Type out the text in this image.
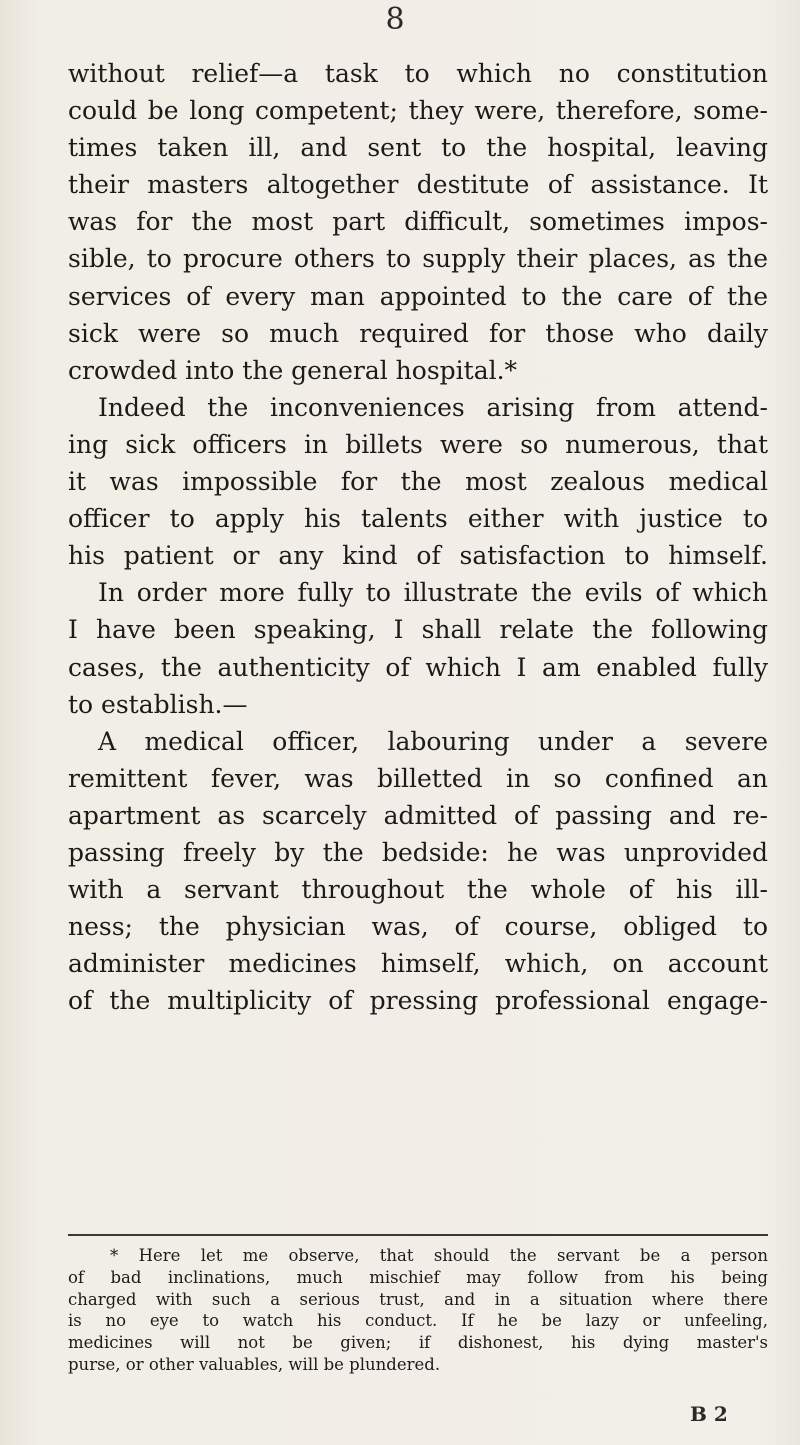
8
without relief—a task to which no constitution
could be long competent; they were, therefore, some-
times taken ill, and sent to the hospital, leaving
their masters altogether destitute of assistance. It
was for the most part difficult, sometimes impos-
sible, to procure others to supply their places, as the
services of every man appointed to the care of the
sick were so much required for those who daily
crowded into the general hospital.*
Indeed the inconveniences arising from attend-
ing sick officers in billets were so numerous, that
it was impossible for the most zealous medical
officer to apply his talents either with justice to
his patient or any kind of satisfaction to himself.
In order more fully to illustrate the evils of which
I have been speaking, I shall relate the following
cases, the authenticity of which I am enabled fully
to establish.—
A medical officer, labouring under a severe
remittent fever, was billetted in so confined an
apartment as scarcely admitted of passing and re-
passing freely by the bedside: he was unprovided
with a servant throughout the whole of his ill-
ness; the physician was, of course, obliged to
administer medicines himself, which, on account
of the multiplicity of pressing professional engage-
* Here let me observe, that should the servant be a person
of bad inclinations, much mischief may follow from his being
charged with such a serious trust, and in a situation where there
is no eye to watch his conduct. If he be lazy or unfeeling,
medicines will not be given; if dishonest, his dying master's
purse, or other valuables, will be plundered.
B 2
